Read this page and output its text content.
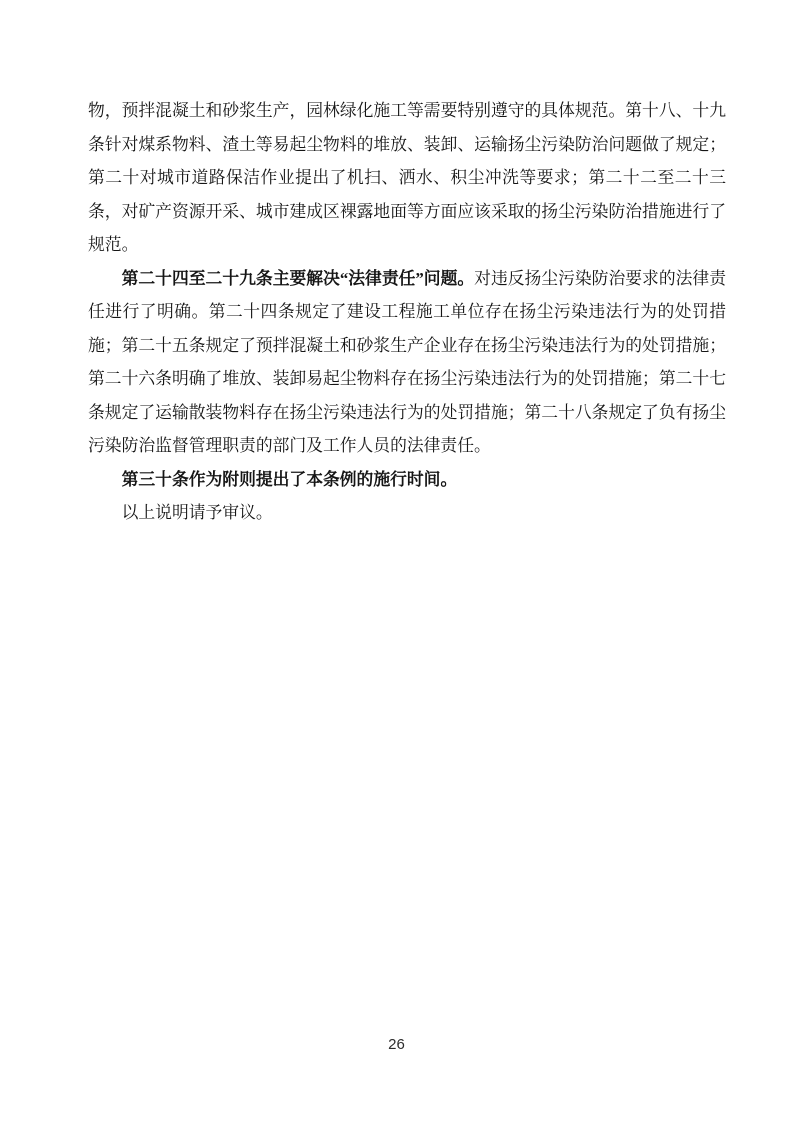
物，预拌混凝土和砂浆生产，园林绿化施工等需要特别遵守的具体规范。第十八、十九条针对煤系物料、渣土等易起尘物料的堆放、装卸、运输扬尘污染防治问题做了规定；第二十对城市道路保洁作业提出了机扫、洒水、积尘冲洗等要求；第二十二至二十三条，对矿产资源开采、城市建成区裸露地面等方面应该采取的扬尘污染防治措施进行了规范。

第二十四至二十九条主要解决“法律责任”问题。对违反扬尘污染防治要求的法律责任进行了明确。第二十四条规定了建设工程施工单位存在扬尘污染违法行为的处罚措施；第二十五条规定了预拌混凝土和砂浆生产企业存在扬尘污染违法行为的处罚措施；第二十六条明确了堆放、装卸易起尘物料存在扬尘污染违法行为的处罚措施；第二十七条规定了运输散装物料存在扬尘污染违法行为的处罚措施；第二十八条规定了负有扬尘污染防治监督管理职责的部门及工作人员的法律责任。

第三十条作为附则提出了本条例的施行时间。

以上说明请予审议。

26
